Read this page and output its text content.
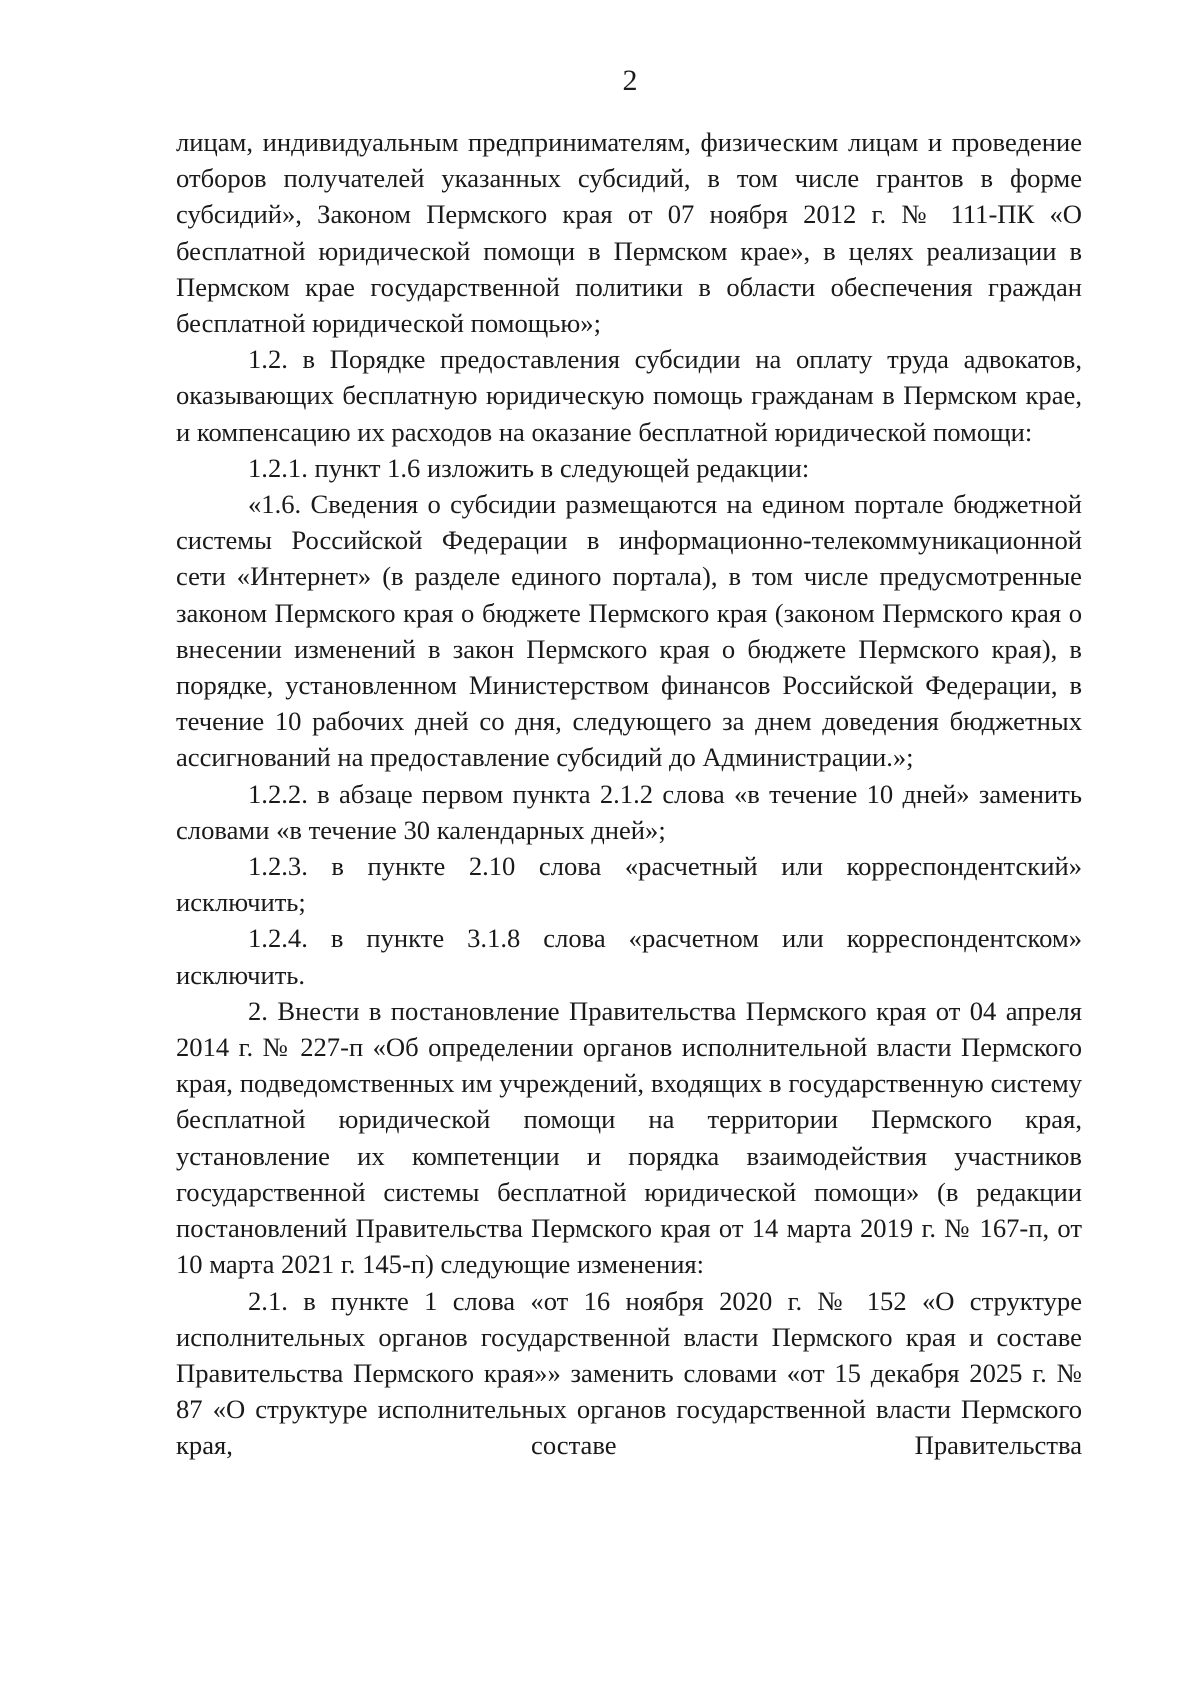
2

лицам, индивидуальным предпринимателям, физическим лицам и проведение отборов получателей указанных субсидий, в том числе грантов в форме субсидий», Законом Пермского края от 07 ноября 2012 г. № 111-ПК «О бесплатной юридической помощи в Пермском крае», в целях реализации в Пермском крае государственной политики в области обеспечения граждан бесплатной юридической помощью»;

1.2. в Порядке предоставления субсидии на оплату труда адвокатов, оказывающих бесплатную юридическую помощь гражданам в Пермском крае, и компенсацию их расходов на оказание бесплатной юридической помощи:

1.2.1. пункт 1.6 изложить в следующей редакции:

«1.6. Сведения о субсидии размещаются на едином портале бюджетной системы Российской Федерации в информационно-телекоммуникационной сети «Интернет» (в разделе единого портала), в том числе предусмотренные законом Пермского края о бюджете Пермского края (законом Пермского края о внесении изменений в закон Пермского края о бюджете Пермского края), в порядке, установленном Министерством финансов Российской Федерации, в течение 10 рабочих дней со дня, следующего за днем доведения бюджетных ассигнований на предоставление субсидий до Администрации.»;

1.2.2. в абзаце первом пункта 2.1.2 слова «в течение 10 дней» заменить словами «в течение 30 календарных дней»;

1.2.3. в пункте 2.10 слова «расчетный или корреспондентский» исключить;

1.2.4. в пункте 3.1.8 слова «расчетном или корреспондентском» исключить.

2. Внести в постановление Правительства Пермского края от 04 апреля 2014 г. № 227-п «Об определении органов исполнительной власти Пермского края, подведомственных им учреждений, входящих в государственную систему бесплатной юридической помощи на территории Пермского края, установление их компетенции и порядка взаимодействия участников государственной системы бесплатной юридической помощи» (в редакции постановлений Правительства Пермского края от 14 марта 2019 г. № 167-п, от 10 марта 2021 г. 145-п) следующие изменения:

2.1. в пункте 1 слова «от 16 ноября 2020 г. № 152 «О структуре исполнительных органов государственной власти Пермского края и составе Правительства Пермского края»» заменить словами «от 15 декабря 2025 г. № 87 «О структуре исполнительных органов государственной власти Пермского края, составе Правительства
